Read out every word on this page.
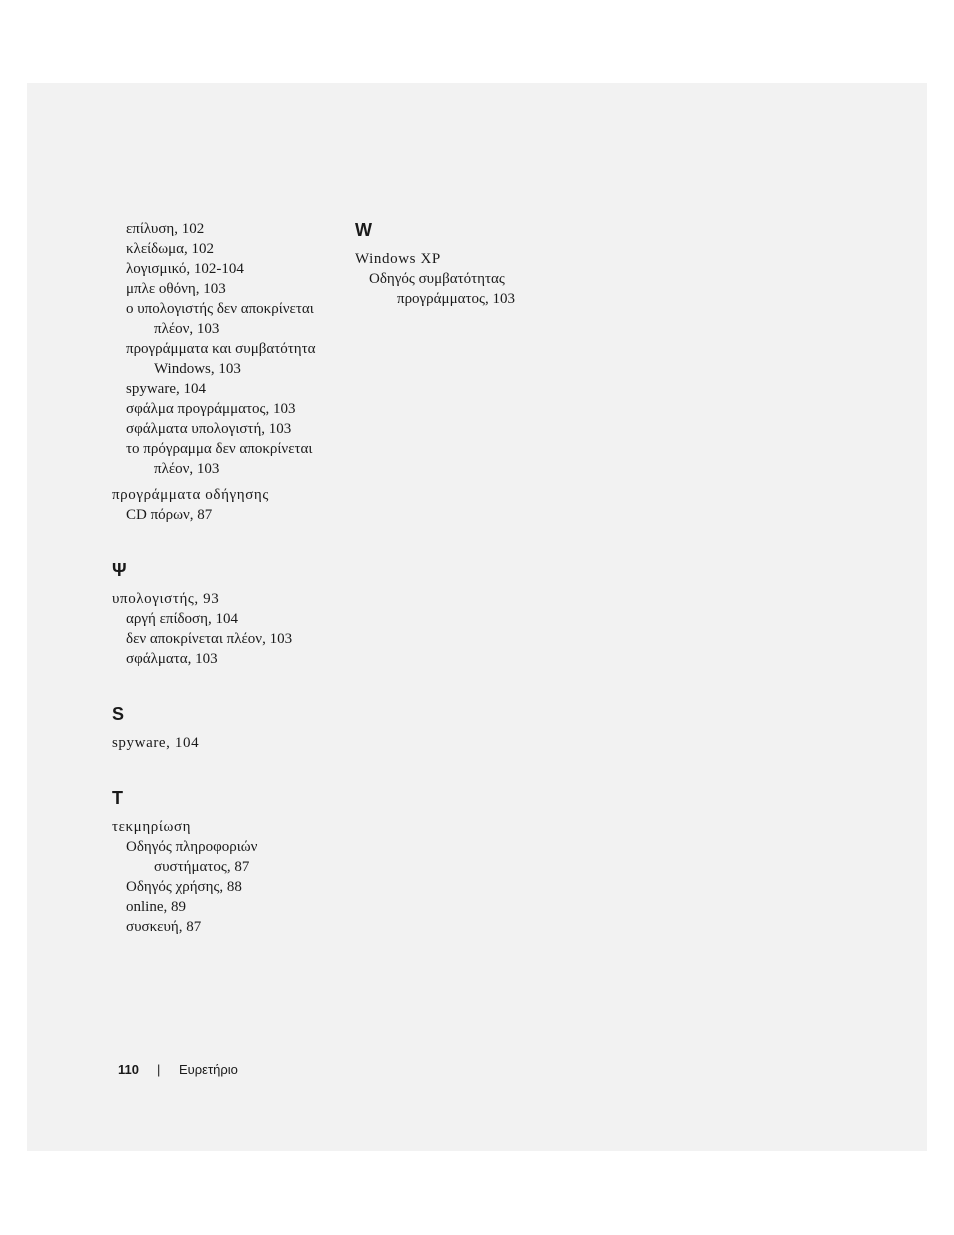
επίλυση, 102

κλείδωμα, 102

λογισμικό, 102-104

μπλε οθόνη, 103

ο υπολογιστής δεν αποκρίνεται

πλέον, 103

προγράμματα και συμβατότητα

Windows, 103

spyware, 104

σφάλμα προγράμματος, 103

σφάλματα υπολογιστή, 103

το πρόγραμμα δεν αποκρίνεται

πλέον, 103

προγράμματα οδήγησης

CD πόρων, 87

Ψ

υπολογιστής, 93

αργή επίδοση, 104

δεν αποκρίνεται πλέον, 103

σφάλματα, 103

S

spyware, 104

T

τεκμηρίωση

Οδηγός πληροφοριών

συστήματος, 87

Οδηγός χρήσης, 88

online, 89

συσκευή, 87

W

Windows XP

Οδηγός συμβατότητας

προγράμματος, 103

110 | Ευρετήριο
